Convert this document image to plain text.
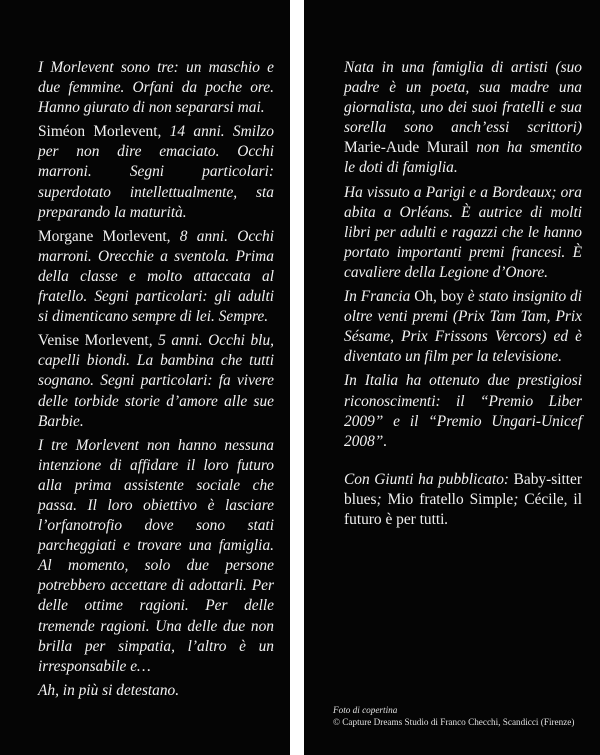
I Morlevent sono tre: un maschio e due femmine. Orfani da poche ore. Hanno giurato di non separarsi mai.

Siméon Morlevent, 14 anni. Smilzo per non dire emaciato. Occhi marroni. Segni particolari: superdotato intellettualmente, sta preparando la maturità.

Morgane Morlevent, 8 anni. Occhi marroni. Orecchie a sventola. Prima della classe e molto attaccata al fratello. Segni particolari: gli adulti si dimenticano sempre di lei. Sempre.

Venise Morlevent, 5 anni. Occhi blu, capelli biondi. La bambina che tutti sognano. Segni particolari: fa vivere delle torbide storie d’amore alle sue Barbie.

I tre Morlevent non hanno nessuna intenzione di affidare il loro futuro alla prima assistente sociale che passa. Il loro obiettivo è lasciare l’orfanotrofio dove sono stati parcheggiati e trovare una famiglia. Al momento, solo due persone potrebbero accettare di adottarli. Per delle ottime ragioni. Per delle tremende ragioni. Una delle due non brilla per simpatia, l’altro è un irresponsabile e…

Ah, in più si detestano.

Nata in una famiglia di artisti (suo padre è un poeta, sua madre una giornalista, uno dei suoi fratelli e sua sorella sono anch’essi scrittori) Marie-Aude Murail non ha smentito le doti di famiglia.

Ha vissuto a Parigi e a Bordeaux; ora abita a Orléans. È autrice di molti libri per adulti e ragazzi che le hanno portato importanti premi francesi. È cavaliere della Legione d’Onore.

In Francia Oh, boy è stato insignito di oltre venti premi (Prix Tam Tam, Prix Sésame, Prix Frissons Vercors) ed è diventato un film per la televisione.

In Italia ha ottenuto due prestigiosi riconoscimenti: il “Premio Liber 2009” e il “Premio Ungari-Unicef 2008”.

Con Giunti ha pubblicato: Baby-sitter blues; Mio fratello Simple; Cécile, il futuro è per tutti.

Foto di copertina
© Capture Dreams Studio di Franco Checchi, Scandicci (Firenze)
